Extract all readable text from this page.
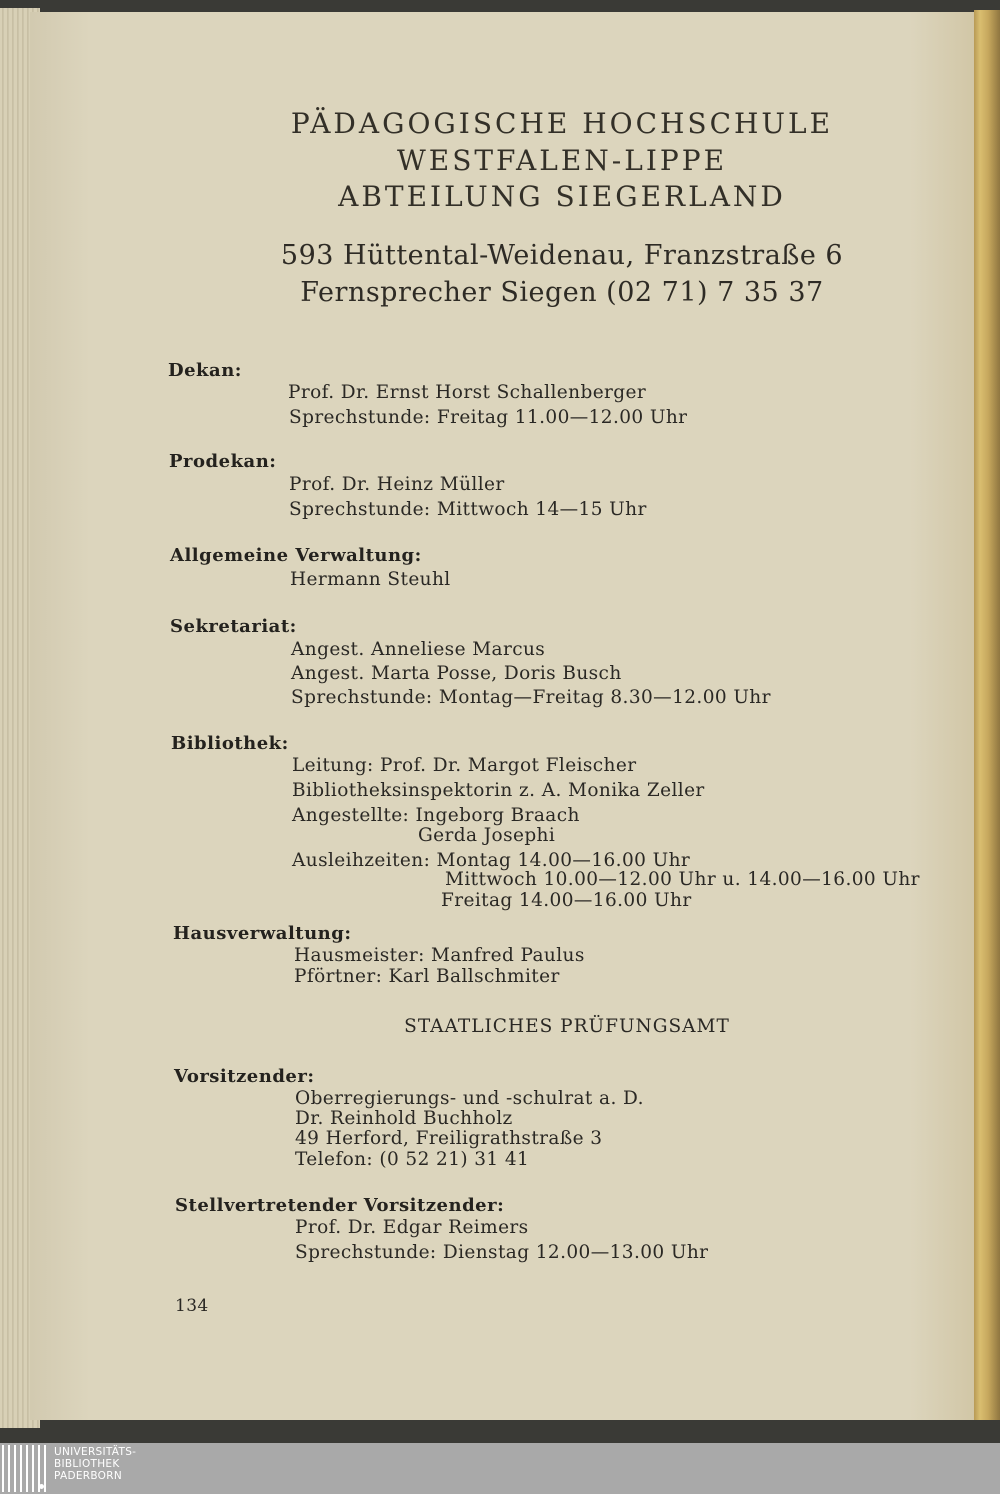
PÄDAGOGISCHE HOCHSCHULE
WESTFALEN-LIPPE
ABTEILUNG SIEGERLAND
593 Hüttental-Weidenau, Franzstraße 6
Fernsprecher Siegen (02 71) 7 35 37
Dekan:
Prof. Dr. Ernst Horst Schallenberger
Sprechstunde: Freitag 11.00—12.00 Uhr
Prodekan:
Prof. Dr. Heinz Müller
Sprechstunde: Mittwoch 14—15 Uhr
Allgemeine Verwaltung:
Hermann Steuhl
Sekretariat:
Angest. Anneliese Marcus
Angest. Marta Posse, Doris Busch
Sprechstunde: Montag—Freitag 8.30—12.00 Uhr
Bibliothek:
Leitung: Prof. Dr. Margot Fleischer
Bibliotheksinspektorin z. A. Monika Zeller
Angestellte: Ingeborg Braach
Gerda Josephi
Ausleihzeiten: Montag 14.00—16.00 Uhr
Mittwoch 10.00—12.00 Uhr u. 14.00—16.00 Uhr
Freitag 14.00—16.00 Uhr
Hausverwaltung:
Hausmeister: Manfred Paulus
Pförtner: Karl Ballschmiter
STAATLICHES PRÜFUNGSAMT
Vorsitzender:
Oberregierungs- und -schulrat a. D.
Dr. Reinhold Buchholz
49 Herford, Freiligrathstraße 3
Telefon: (0 52 21) 31 41
Stellvertretender Vorsitzender:
Prof. Dr. Edgar Reimers
Sprechstunde: Dienstag 12.00—13.00 Uhr
134
UNIVERSITÄTS-
BIBLIOTHEK
PADERBORN
